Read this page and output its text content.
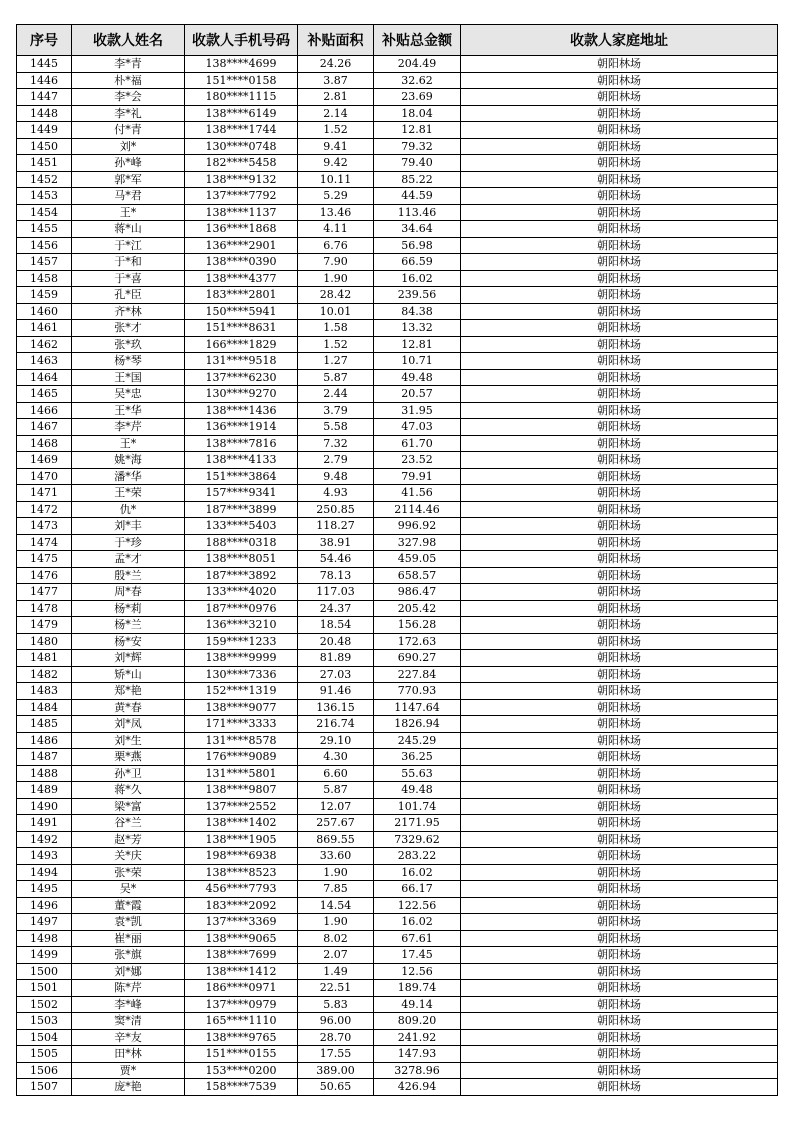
序号	收款人姓名	收款人手机号码	补贴面积	补贴总金额	收款人家庭地址
1445	李*青	138****4699	24.26	204.49	朝阳林场
1446	朴*福	151****0158	3.87	32.62	朝阳林场
1447	李*会	180****1115	2.81	23.69	朝阳林场
1448	李*礼	138****6149	2.14	18.04	朝阳林场
1449	付*青	138****1744	1.52	12.81	朝阳林场
1450	刘*	130****0748	9.41	79.32	朝阳林场
1451	孙*峰	182****5458	9.42	79.40	朝阳林场
1452	郭*军	138****9132	10.11	85.22	朝阳林场
1453	马*君	137****7792	5.29	44.59	朝阳林场
1454	王*	138****1137	13.46	113.46	朝阳林场
1455	蒋*山	136****1868	4.11	34.64	朝阳林场
1456	于*江	136****2901	6.76	56.98	朝阳林场
1457	于*和	138****0390	7.90	66.59	朝阳林场
1458	于*喜	138****4377	1.90	16.02	朝阳林场
1459	孔*臣	183****2801	28.42	239.56	朝阳林场
1460	齐*林	150****5941	10.01	84.38	朝阳林场
1461	张*才	151****8631	1.58	13.32	朝阳林场
1462	张*玖	166****1829	1.52	12.81	朝阳林场
1463	杨*琴	131****9518	1.27	10.71	朝阳林场
1464	王*国	137****6230	5.87	49.48	朝阳林场
1465	吴*忠	130****9270	2.44	20.57	朝阳林场
1466	王*华	138****1436	3.79	31.95	朝阳林场
1467	李*芹	136****1914	5.58	47.03	朝阳林场
1468	王*	138****7816	7.32	61.70	朝阳林场
1469	姚*海	138****4133	2.79	23.52	朝阳林场
1470	潘*华	151****3864	9.48	79.91	朝阳林场
1471	王*荣	157****9341	4.93	41.56	朝阳林场
1472	仇*	187****3899	250.85	2114.46	朝阳林场
1473	刘*丰	133****5403	118.27	996.92	朝阳林场
1474	于*珍	188****0318	38.91	327.98	朝阳林场
1475	孟*才	138****8051	54.46	459.05	朝阳林场
1476	殷*兰	187****3892	78.13	658.57	朝阳林场
1477	周*春	133****4020	117.03	986.47	朝阳林场
1478	杨*莉	187****0976	24.37	205.42	朝阳林场
1479	杨*兰	136****3210	18.54	156.28	朝阳林场
1480	杨*安	159****1233	20.48	172.63	朝阳林场
1481	刘*辉	138****9999	81.89	690.27	朝阳林场
1482	矫*山	130****7336	27.03	227.84	朝阳林场
1483	郑*艳	152****1319	91.46	770.93	朝阳林场
1484	黄*春	138****9077	136.15	1147.64	朝阳林场
1485	刘*凤	171****3333	216.74	1826.94	朝阳林场
1486	刘*生	131****8578	29.10	245.29	朝阳林场
1487	栗*燕	176****9089	4.30	36.25	朝阳林场
1488	孙*卫	131****5801	6.60	55.63	朝阳林场
1489	蒋*久	138****9807	5.87	49.48	朝阳林场
1490	梁*富	137****2552	12.07	101.74	朝阳林场
1491	谷*兰	138****1402	257.67	2171.95	朝阳林场
1492	赵*芳	138****1905	869.55	7329.62	朝阳林场
1493	关*庆	198****6938	33.60	283.22	朝阳林场
1494	张*荣	138****8523	1.90	16.02	朝阳林场
1495	吴*	456****7793	7.85	66.17	朝阳林场
1496	董*霞	183****2092	14.54	122.56	朝阳林场
1497	袁*凯	137****3369	1.90	16.02	朝阳林场
1498	崔*丽	138****9065	8.02	67.61	朝阳林场
1499	张*旗	138****7699	2.07	17.45	朝阳林场
1500	刘*娜	138****1412	1.49	12.56	朝阳林场
1501	陈*芹	186****0971	22.51	189.74	朝阳林场
1502	李*峰	137****0979	5.83	49.14	朝阳林场
1503	窦*清	165****1110	96.00	809.20	朝阳林场
1504	辛*友	138****9765	28.70	241.92	朝阳林场
1505	田*林	151****0155	17.55	147.93	朝阳林场
1506	贾*	153****0200	389.00	3278.96	朝阳林场
1507	庞*艳	158****7539	50.65	426.94	朝阳林场
